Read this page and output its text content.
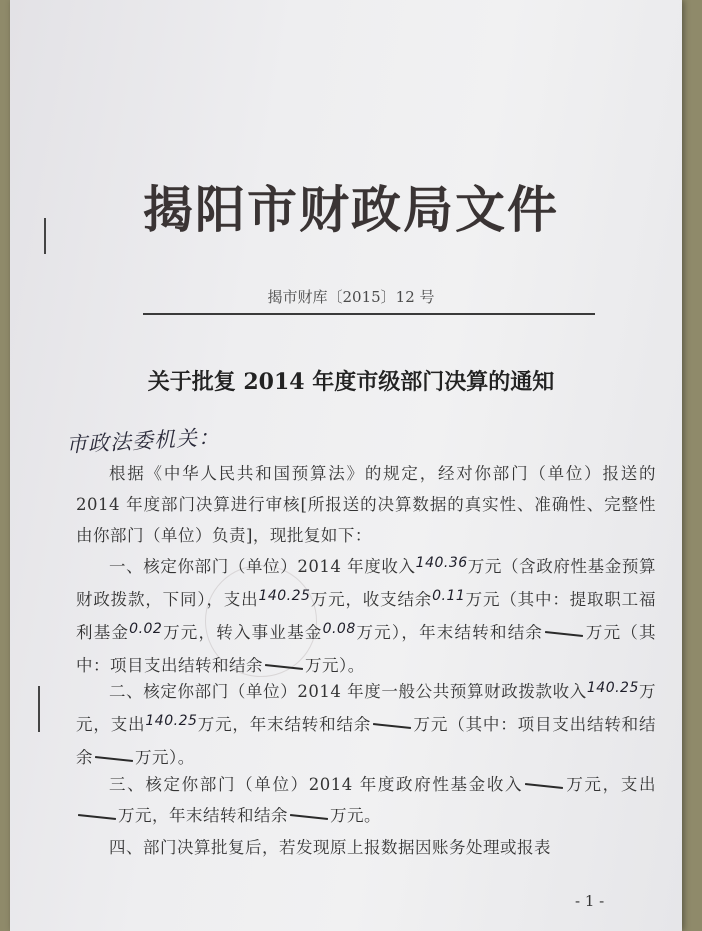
揭阳市财政局文件
揭市财库〔2015〕12 号
关于批复 2014 年度市级部门决算的通知
市政法委机关：
根据《中华人民共和国预算法》的规定，经对你部门（单位）报送的 2014 年度部门决算进行审核[所报送的决算数据的真实性、准确性、完整性由你部门（单位）负责]，现批复如下：
一、核定你部门（单位）2014 年度收入$^{140.36}$万元（含政府性基金预算财政拨款，下同），支出$^{140.25}$万元，收支结余$^{0.11}$万元（其中：提取职工福利基金$^{0.02}$万元，转入事业基金$^{0.08}$万元），年末结转和结余	万元（其中：项目支出结转和结余	万元）。
二、核定你部门（单位）2014 年度一般公共预算财政拨款收入$^{140.25}$万元，支出$^{140.25}$万元，年末结转和结余	万元（其中：项目支出结转和结余	万元）。
三、核定你部门（单位）2014 年度政府性基金收入	万元，支出万元，年末结转和结余	万元。
四、部门决算批复后，若发现原上报数据因账务处理或报表
- 1 -
